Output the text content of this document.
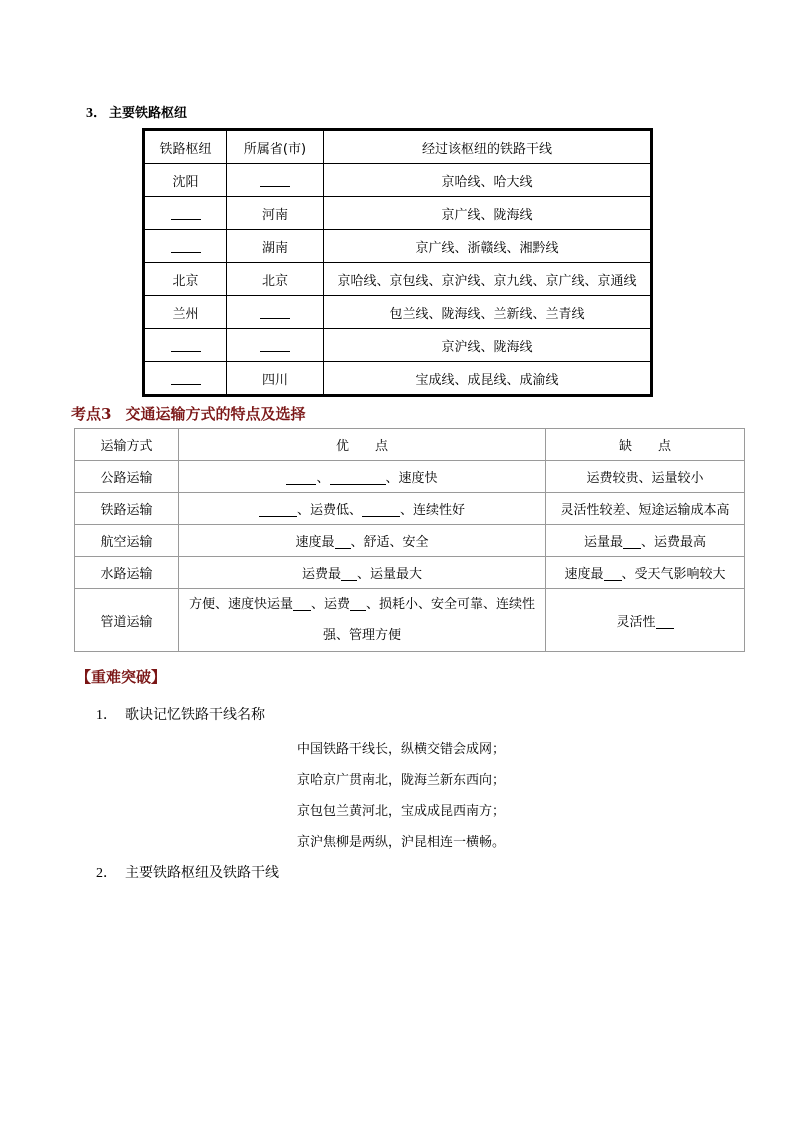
3． 主要铁路枢纽
铁路枢纽	所属省(市)	经过该枢纽的铁路干线
沈阳		京哈线、哈大线
	河南	京广线、陇海线
	湖南	京广线、浙赣线、湘黔线
北京	北京	京哈线、京包线、京沪线、京九线、京广线、京通线
兰州		包兰线、陇海线、兰新线、兰青线
		京沪线、陇海线
	四川	宝成线、成昆线、成渝线
考点3 交通运输方式的特点及选择
运输方式	优　　点	缺　　点
公路运输	、 、速度快	运费较贵、运量较小
铁路运输	、运费低、 、连续性好	灵活性较差、短途运输成本高
航空运输	速度最 、舒适、安全	运量最 、运费最高
水路运输	运费最 、运量最大	速度最 、受天气影响较大
管道运输	方便、速度快运量 、运费 、损耗小、安全可靠、连续性强、管理方便	灵活性
【重难突破】
1． 歌诀记忆铁路干线名称
中国铁路干线长，纵横交错会成网；
京哈京广贯南北，陇海兰新东西向；
京包包兰黄河北，宝成成昆西南方；
京沪焦柳是两纵，沪昆相连一横畅。
2． 主要铁路枢纽及铁路干线
